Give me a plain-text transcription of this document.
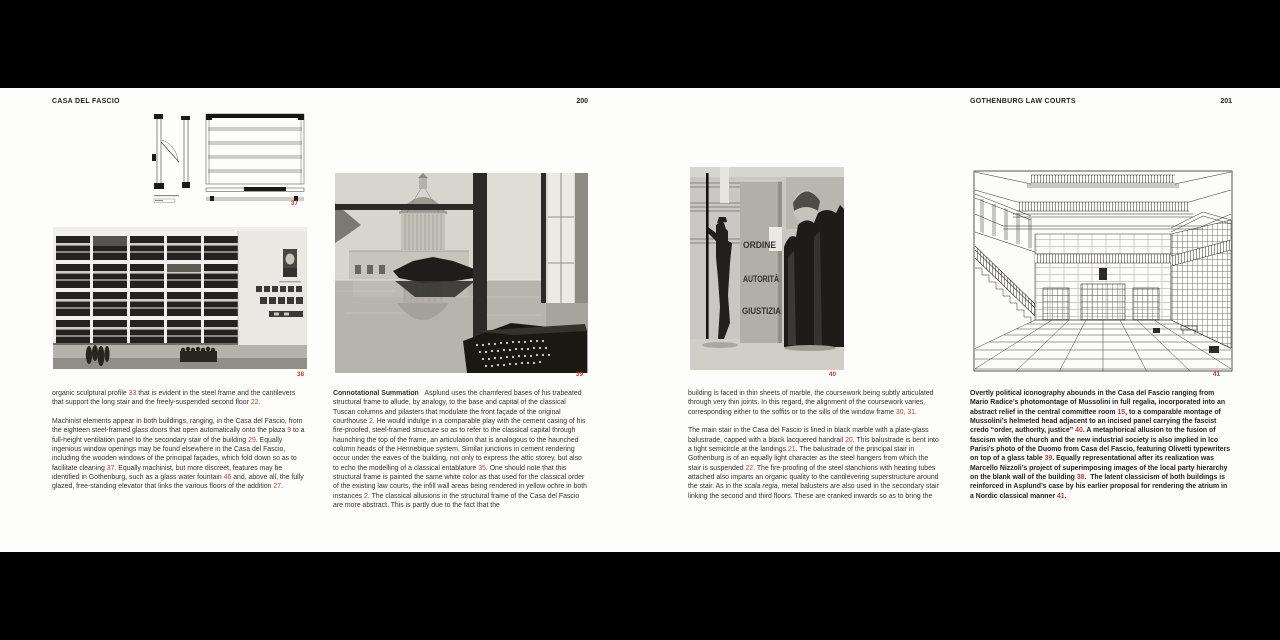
CASA DEL FASCIO	200	GOTHENBURG LAW COURTS	201
37
38	39
ORDINE
AUTORITÀ
GIUSTIZIA
40	41

organic sculptural profile 33 that is evident in the steel frame and the cantilevers that support the long stair and the freely-suspended second floor 22.

Machinist elements appear in both buildings, ranging, in the Casa del Fascio, from the eighteen steel-framed glass doors that open automatically onto the plaza 9 to a full-height ventilation panel to the secondary stair of the building 29. Equally ingenious window openings may be found elsewhere in the Casa del Fascio, including the wooden windows of the principal façades, which fold down so as to facilitate cleaning 37. Equally machinist, but more discreet, features may be identified in Gothenburg, such as a glass water fountain 46 and, above all, the fully glazed, free-standing elevator that links the various floors of the addition 27.

Connotational Summation   Asplund uses the chamfered bases of his trabeated structural frame to allude, by analogy, to the base and capital of the classical Tuscan columns and pilasters that modulate the front façade of the original courthouse 2. He would indulge in a comparable play with the cement casing of his fire-proofed, steel-framed structure so as to refer to the classical capital through haunching the top of the frame, an articulation that is analogous to the haunched column heads of the Hennebique system. Similar junctions in cement rendering occur under the eaves of the building, not only to express the attic storey, but also to echo the modelling of a classical entablature 35. One should note that this structural frame is painted the same white color as that used for the classical order of the existing law courts, the infill wall areas being rendered in yellow ochre in both instances 2. The classical allusions in the structural frame of the Casa del Fascio are more abstract. This is partly due to the fact that the

building is faced in thin sheets of marble, the coursework being subtly articulated through very thin joints. In this regard, the alignment of the coursework varies, corresponding either to the soffits or to the sills of the window frame 30, 31.

The main stair in the Casa del Fascio is lined in black marble with a plate-glass balustrade, capped with a black lacquered handrail 20. This balustrade is bent into a tight semicircle at the landings 21. The balustrade of the principal stair in Gothenburg is of an equally light character as the steel hangers from which the stair is suspended 22. The fire-proofing of the steel stanchions with heating tubes attached also imparts an organic quality to the cantilevering superstructure around the stair. As in the scala regia, metal balusters are also used in the secondary stair linking the second and third floors. These are cranked inwards so as to bring the

Overtly political iconography abounds in the Casa del Fascio ranging from Mario Radice’s photomontage of Mussolini in full regalia, incorporated into an abstract relief in the central committee room 15, to a comparable montage of Mussolini’s helmeted head adjacent to an incised panel carrying the fascist credo “order, authority, justice” 40. A metaphorical allusion to the fusion of fascism with the church and the new industrial society is also implied in Ico Parisi’s photo of the Duomo from Casa del Fascio, featuring Olivetti typewriters on top of a glass table 39. Equally representational after its realization was Marcello Nizzoli’s project of superimposing images of the local party hierarchy on the blank wall of the building 38.  The latent classicism of both buildings is reinforced in Asplund’s case by his earlier proposal for rendering the atrium in a Nordic classical manner 41.
